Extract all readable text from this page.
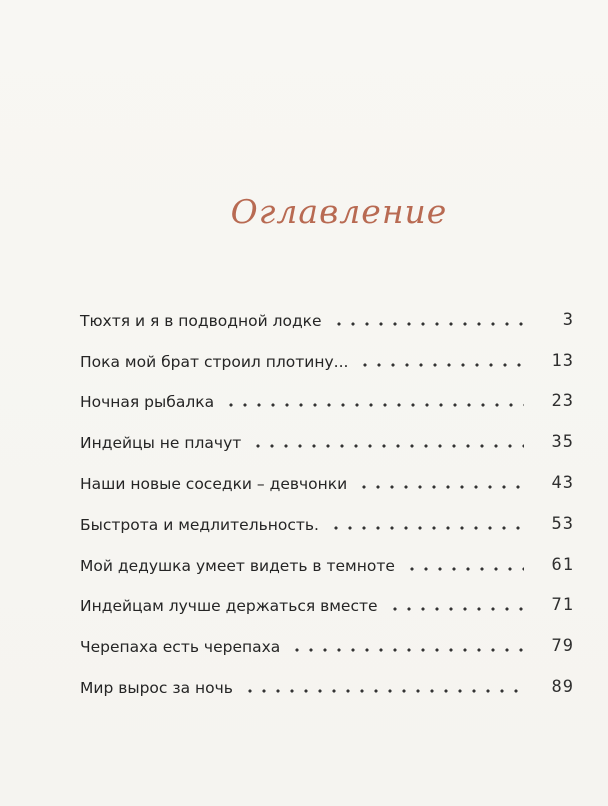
Оглавление
Тюхтя и я в подводной лодке	3
Пока мой брат строил плотину...	13
Ночная рыбалка	23
Индейцы не плачут	35
Наши новые соседки – девчонки	43
Быстрота и медлительность.	53
Мой дедушка умеет видеть в темноте	61
Индейцам лучше держаться вместе	71
Черепаха есть черепаха	79
Мир вырос за ночь	89
